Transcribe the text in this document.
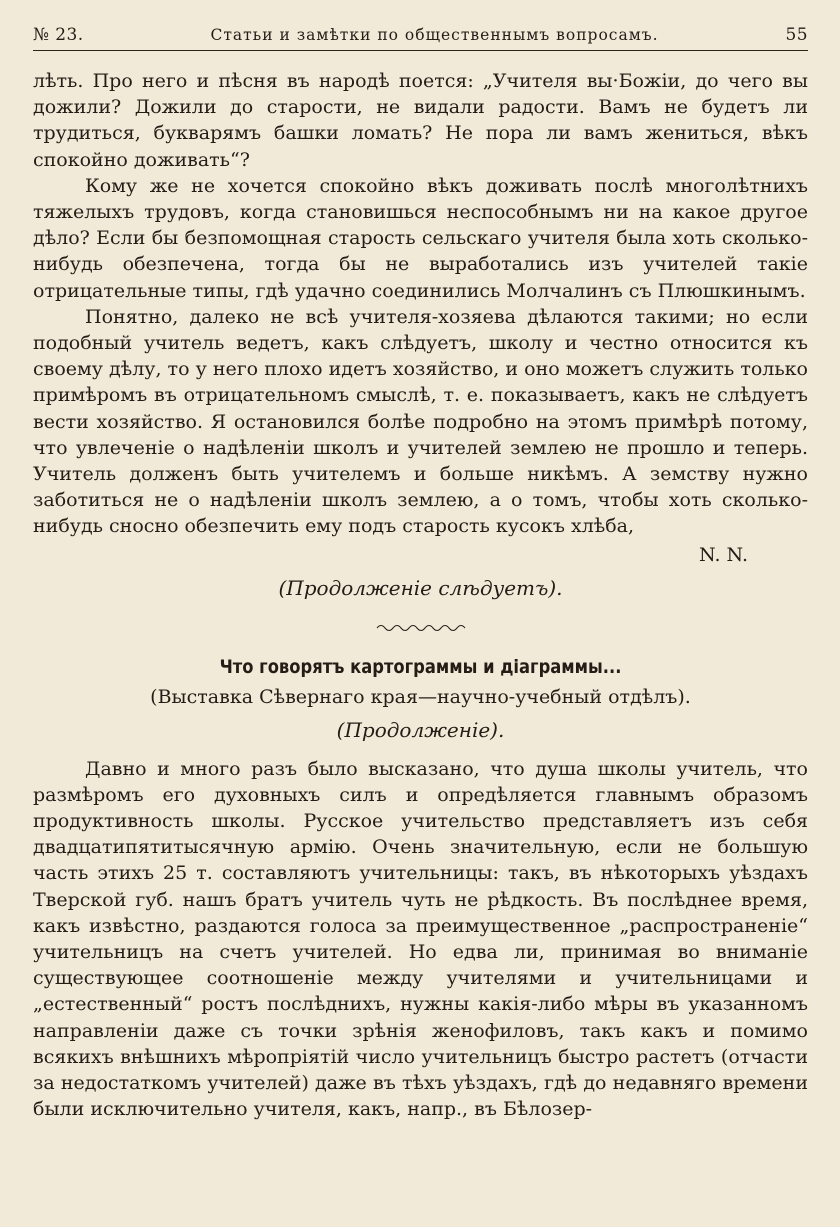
№ 23.	Статьи и замѣтки по общественнымъ вопросамъ.	55

лѣть. Про него и пѣсня въ народѣ поется: „Учителя вы·Божiи, до чего вы дожили? Дожили до старости, не видали радости. Вамъ не будетъ ли трудиться, букварямъ башки ломать? Не пора ли вамъ жениться, вѣкъ спокойно доживать“?

Кому же не хочется спокойно вѣкъ доживать послѣ многолѣтнихъ тяжелыхъ трудовъ, когда становишься неспособнымъ ни на какое другое дѣло? Если бы безпомощная старость сельскаго учителя была хоть сколько-нибудь обезпечена, тогда бы не выработались изъ учителей такiе отрицательные типы, гдѣ удачно соединились Молчалинъ съ Плюшкинымъ.

Понятно, далеко не всѣ учителя-хозяева дѣлаются такими; но если подобный учитель ведетъ, какъ слѣдуетъ, школу и честно относится къ своему дѣлу, то у него плохо идетъ хозяйство, и оно можетъ служить только примѣромъ въ отрицательномъ смыслѣ, т. е. показываетъ, какъ не слѣдуетъ вести хозяйство. Я остановился болѣе подробно на этомъ примѣрѣ потому, что увлеченiе о надѣленiи школъ и учителей землею не прошло и теперь. Учитель долженъ быть учителемъ и больше никѣмъ. А земству нужно заботиться не о надѣленiи школъ землею, а о томъ, чтобы хоть сколько-нибудь сносно обезпечить ему подъ старость кусокъ хлѣба,

N. N.
(Продолженiе слѣдуетъ).
Что говорятъ картограммы и дiаграммы...
(Выставка Сѣвернаго края—научно-учебный отдѣлъ).
(Продолженiе).

Давно и много разъ было высказано, что душа школы учитель, что размѣромъ его духовныхъ силъ и опредѣляется главнымъ образомъ продуктивность школы. Русское учительство представляетъ изъ себя двадцатипятитысячную армiю. Очень значительную, если не большую часть этихъ 25 т. составляютъ учительницы: такъ, въ нѣкоторыхъ уѣздахъ Тверской губ. нашъ братъ учитель чуть не рѣдкость. Въ послѣднее время, какъ извѣстно, раздаются голоса за преимущественное „распространенiе“ учительницъ на счетъ учителей. Но едва ли, принимая во вниманiе существующее соотношенiе между учителями и учительницами и „естественный“ ростъ послѣднихъ, нужны какiя-либо мѣры въ указанномъ направленiи даже съ точки зрѣнiя женофиловъ, такъ какъ и помимо всякихъ внѣшнихъ мѣропрiятiй число учительницъ быстро растетъ (отчасти за недостаткомъ учителей) даже въ тѣхъ уѣздахъ, гдѣ до недавняго времени были исключительно учителя, какъ, напр., въ Бѣлозер-
